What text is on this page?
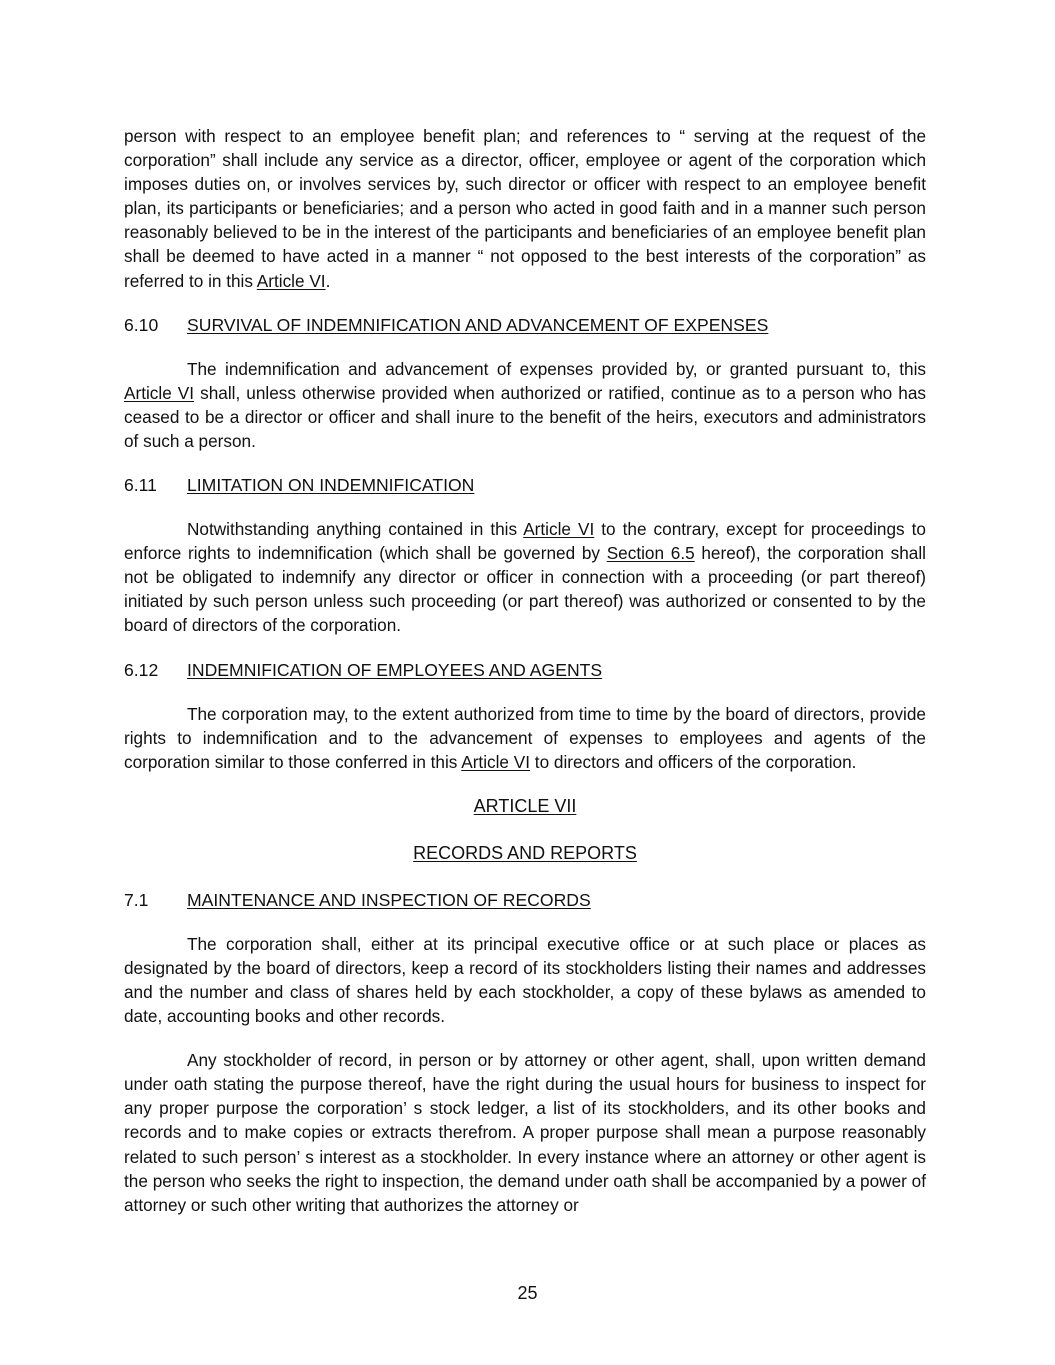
person with respect to an employee benefit plan; and references to “ serving at the request of the corporation” shall include any service as a director, officer, employee or agent of the corporation which imposes duties on, or involves services by, such director or officer with respect to an employee benefit plan, its participants or beneficiaries; and a person who acted in good faith and in a manner such person reasonably believed to be in the interest of the participants and beneficiaries of an employee benefit plan shall be deemed to have acted in a manner “ not opposed to the best interests of the corporation” as referred to in this Article VI.

6.10	SURVIVAL OF INDEMNIFICATION AND ADVANCEMENT OF EXPENSES

The indemnification and advancement of expenses provided by, or granted pursuant to, this Article VI shall, unless otherwise provided when authorized or ratified, continue as to a person who has ceased to be a director or officer and shall inure to the benefit of the heirs, executors and administrators of such a person.

6.11	LIMITATION ON INDEMNIFICATION

Notwithstanding anything contained in this Article VI to the contrary, except for proceedings to enforce rights to indemnification (which shall be governed by Section 6.5 hereof), the corporation shall not be obligated to indemnify any director or officer in connection with a proceeding (or part thereof) initiated by such person unless such proceeding (or part thereof) was authorized or consented to by the board of directors of the corporation.

6.12	INDEMNIFICATION OF EMPLOYEES AND AGENTS

The corporation may, to the extent authorized from time to time by the board of directors, provide rights to indemnification and to the advancement of expenses to employees and agents of the corporation similar to those conferred in this Article VI to directors and officers of the corporation.

ARTICLE VII
RECORDS AND REPORTS
7.1	MAINTENANCE AND INSPECTION OF RECORDS

The corporation shall, either at its principal executive office or at such place or places as designated by the board of directors, keep a record of its stockholders listing their names and addresses and the number and class of shares held by each stockholder, a copy of these bylaws as amended to date, accounting books and other records.

Any stockholder of record, in person or by attorney or other agent, shall, upon written demand under oath stating the purpose thereof, have the right during the usual hours for business to inspect for any proper purpose the corporation’ s stock ledger, a list of its stockholders, and its other books and records and to make copies or extracts therefrom. A proper purpose shall mean a purpose reasonably related to such person’ s interest as a stockholder. In every instance where an attorney or other agent is the person who seeks the right to inspection, the demand under oath shall be accompanied by a power of attorney or such other writing that authorizes the attorney or

25
